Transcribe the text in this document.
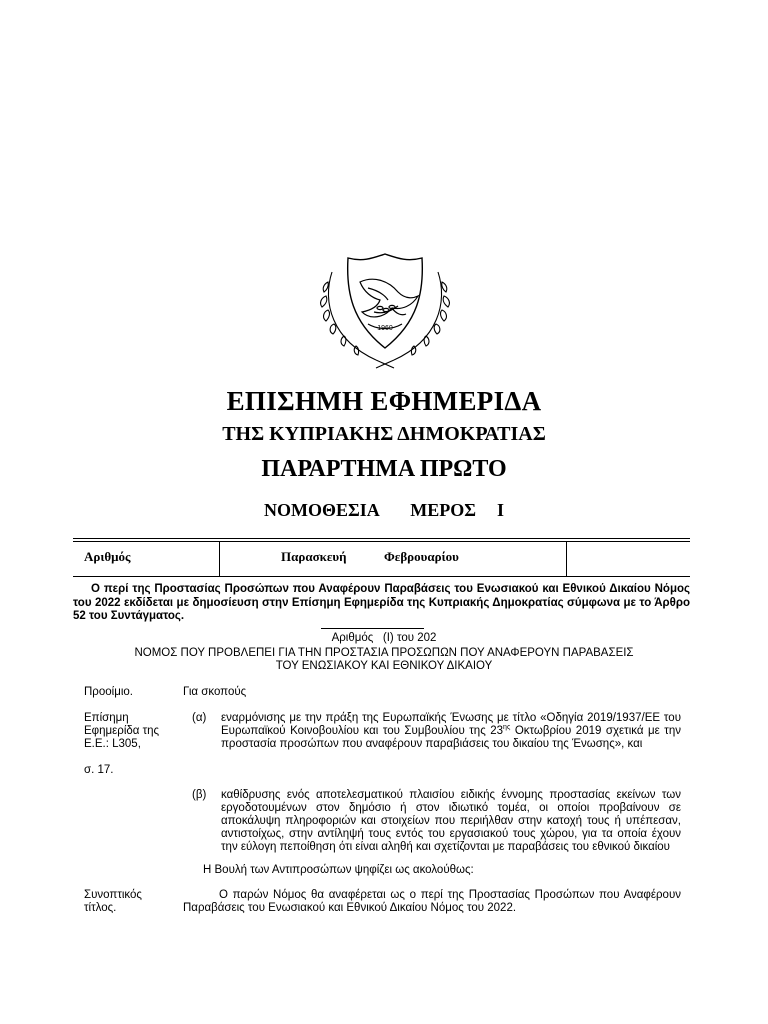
1960
ΕΠΙΣΗΜΗ ΕΦΗΜΕΡΙΔΑ
ΤΗΣ ΚΥΠΡΙΑΚΗΣ ΔΗΜΟΚΡΑΤΙΑΣ
ΠΑΡΑΡΤΗΜΑ ΠΡΩΤΟ
ΝΟΜΟΘΕΣΙΑ   ΜΕΡΟΣ  Ι
Αριθμός	Παρασκευή	Φεβρουαρίου
Ο περί της Προστασίας Προσώπων που Αναφέρουν Παραβάσεις του Ενωσιακού και Εθνικού Δικαίου Νόμος του 2022 εκδίδεται με δημοσίευση στην Επίσημη Εφημερίδα της Κυπριακής Δημοκρατίας σύμφωνα με το Άρθρο 52 του Συντάγματος.
Αριθμός   (Ι) του 202
ΝΟΜΟΣ ΠΟΥ ΠΡΟΒΛΕΠΕΙ ΓΙΑ ΤΗΝ ΠΡΟΣΤΑΣΙΑ ΠΡΟΣΩΠΩΝ ΠΟΥ ΑΝΑΦΕΡΟΥΝ ΠΑΡΑΒΑΣΕΙΣ
ΤΟΥ ΕΝΩΣΙΑΚΟΥ ΚΑΙ ΕΘΝΙΚΟΥ ΔΙΚΑΙΟΥ
Προοίμιο.	Για σκοπούς
Επίσημη
Εφημερίδα της
Ε.Ε.: L305,
σ. 17.
(α) εναρμόνισης με την πράξη της Ευρωπαϊκής Ένωσης με τίτλο «Οδηγία 2019/1937/ΕΕ του Ευρωπαϊκού Κοινοβουλίου και του Συμβουλίου της $23^{\eta\varsigma}$ Οκτωβρίου 2019 σχετικά με την προστασία προσώπων που αναφέρουν παραβιάσεις του δικαίου της Ένωσης», και
(β) καθίδρυσης ενός αποτελεσματικού πλαισίου ειδικής έννομης προστασίας εκείνων των εργοδοτουμένων στον δημόσιο ή στον ιδιωτικό τομέα, οι οποίοι προβαίνουν σε αποκάλυψη πληροφοριών και στοιχείων που περιήλθαν στην κατοχή τους ή υπέπεσαν, αντιστοίχως, στην αντίληψή τους εντός του εργασιακού τους χώρου, για τα οποία έχουν την εύλογη πεποίθηση ότι είναι αληθή και σχετίζονται με παραβάσεις του εθνικού δικαίου
Η Βουλή των Αντιπροσώπων ψηφίζει ως ακολούθως:
Συνοπτικός
τίτλος.
Ο παρών Νόμος θα αναφέρεται ως ο περί της Προστασίας Προσώπων που Αναφέρουν Παραβάσεις του Ενωσιακού και Εθνικού Δικαίου Νόμος του 2022.
